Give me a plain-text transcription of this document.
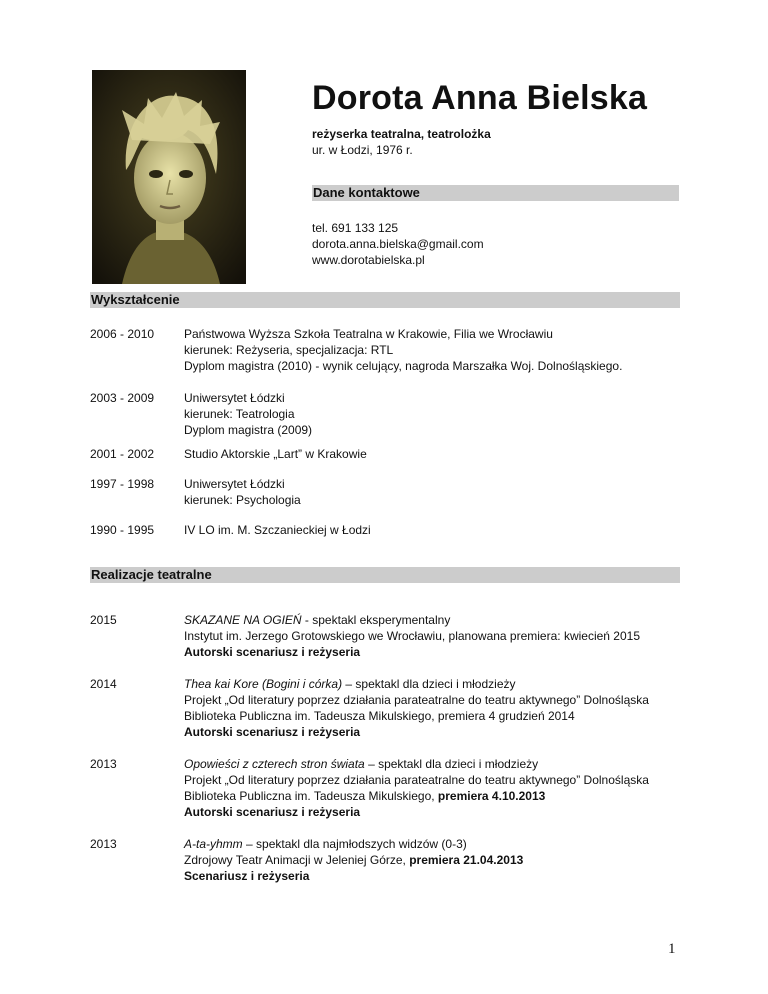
Dorota Anna Bielska
reżyserka teatralna, teatrolożka
ur. w Łodzi, 1976 r.
Dane kontaktowe
tel. 691 133 125
dorota.anna.bielska@gmail.com
www.dorotabielska.pl
Wykształcenie
2006 - 2010	Państwowa Wyższa Szkoła Teatralna w Krakowie, Filia we Wrocławiu
kierunek: Reżyseria, specjalizacja: RTL
Dyplom magistra (2010) - wynik celujący, nagroda Marszałka Woj. Dolnośląskiego.
2003 - 2009	Uniwersytet Łódzki
kierunek: Teatrologia
Dyplom magistra (2009)
2001 - 2002	Studio Aktorskie „Lart” w Krakowie
1997 - 1998	Uniwersytet Łódzki
kierunek: Psychologia
1990 - 1995	IV LO im. M. Szczanieckiej w Łodzi
Realizacje teatralne
2015	SKAZANE NA OGIEŃ - spektakl eksperymentalny
Instytut im. Jerzego Grotowskiego we Wrocławiu, planowana premiera: kwiecień 2015
Autorski scenariusz i reżyseria
2014	Thea kai Kore (Bogini i córka) – spektakl dla dzieci i młodzieży
Projekt „Od literatury poprzez działania parateatralne do teatru aktywnego” Dolnośląska
Biblioteka Publiczna im. Tadeusza Mikulskiego, premiera 4 grudzień 2014
Autorski scenariusz i reżyseria
2013	Opowieści z czterech stron świata – spektakl dla dzieci i młodzieży
Projekt „Od literatury poprzez działania parateatralne do teatru aktywnego” Dolnośląska
Biblioteka Publiczna im. Tadeusza Mikulskiego, premiera 4.10.2013
Autorski scenariusz i reżyseria
2013	A-ta-yhmm – spektakl dla najmłodszych widzów (0-3)
Zdrojowy Teatr Animacji w Jeleniej Górze, premiera 21.04.2013
Scenariusz i reżyseria
1
